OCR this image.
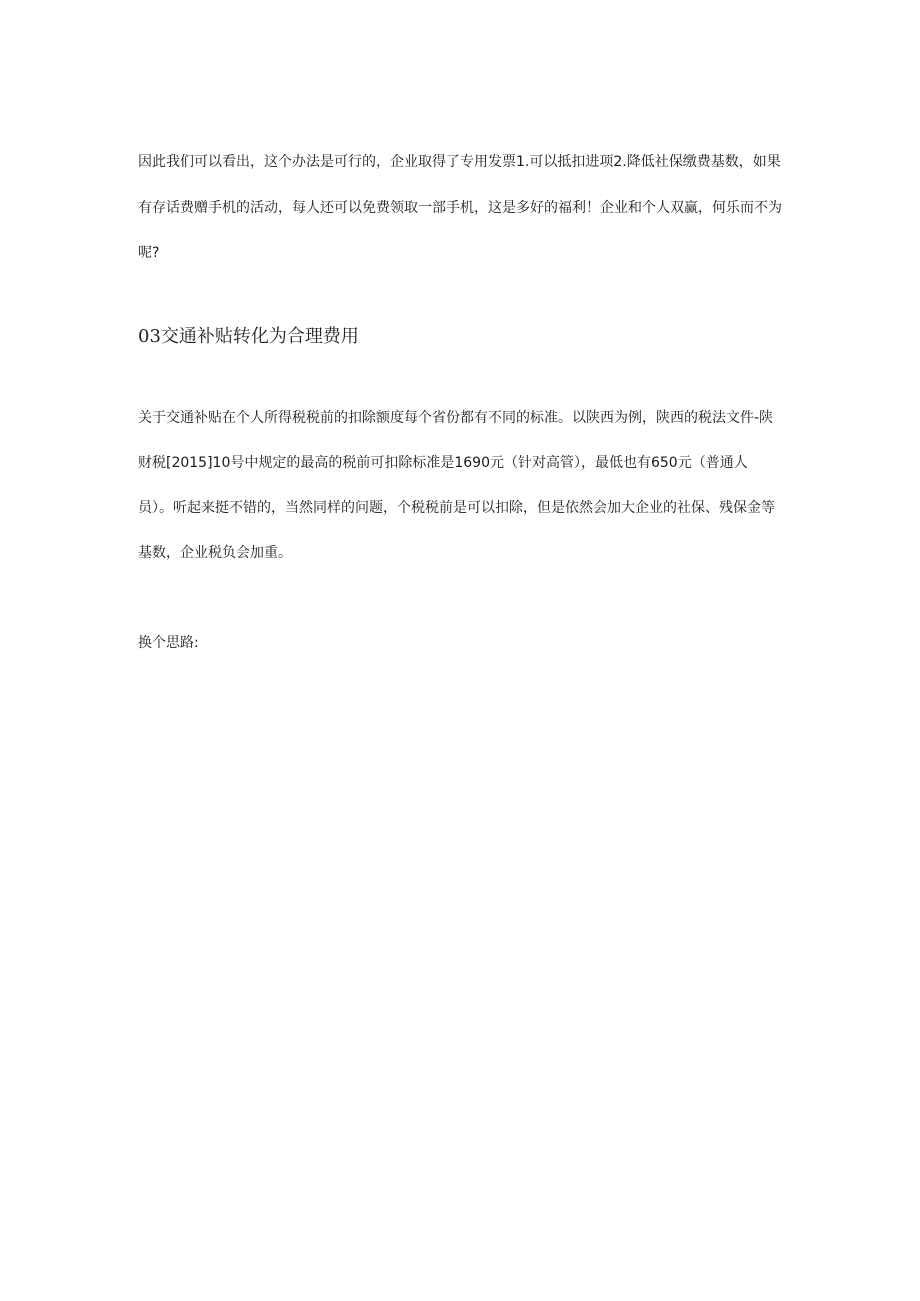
因此我们可以看出，这个办法是可行的，企业取得了专用发票1.可以抵扣进项2.降低社保缴费基数，如果
有存话费赠手机的活动，每人还可以免费领取一部手机，这是多好的福利！企业和个人双赢，何乐而不为
呢?
03交通补贴转化为合理费用
关于交通补贴在个人所得税税前的扣除额度每个省份都有不同的标准。以陕西为例，陕西的税法文件-陕
财税[2015]10号中规定的最高的税前可扣除标准是1690元（针对高管），最低也有650元（普通人
员）。听起来挺不错的，当然同样的问题，个税税前是可以扣除，但是依然会加大企业的社保、残保金等
基数，企业税负会加重。
换个思路:
